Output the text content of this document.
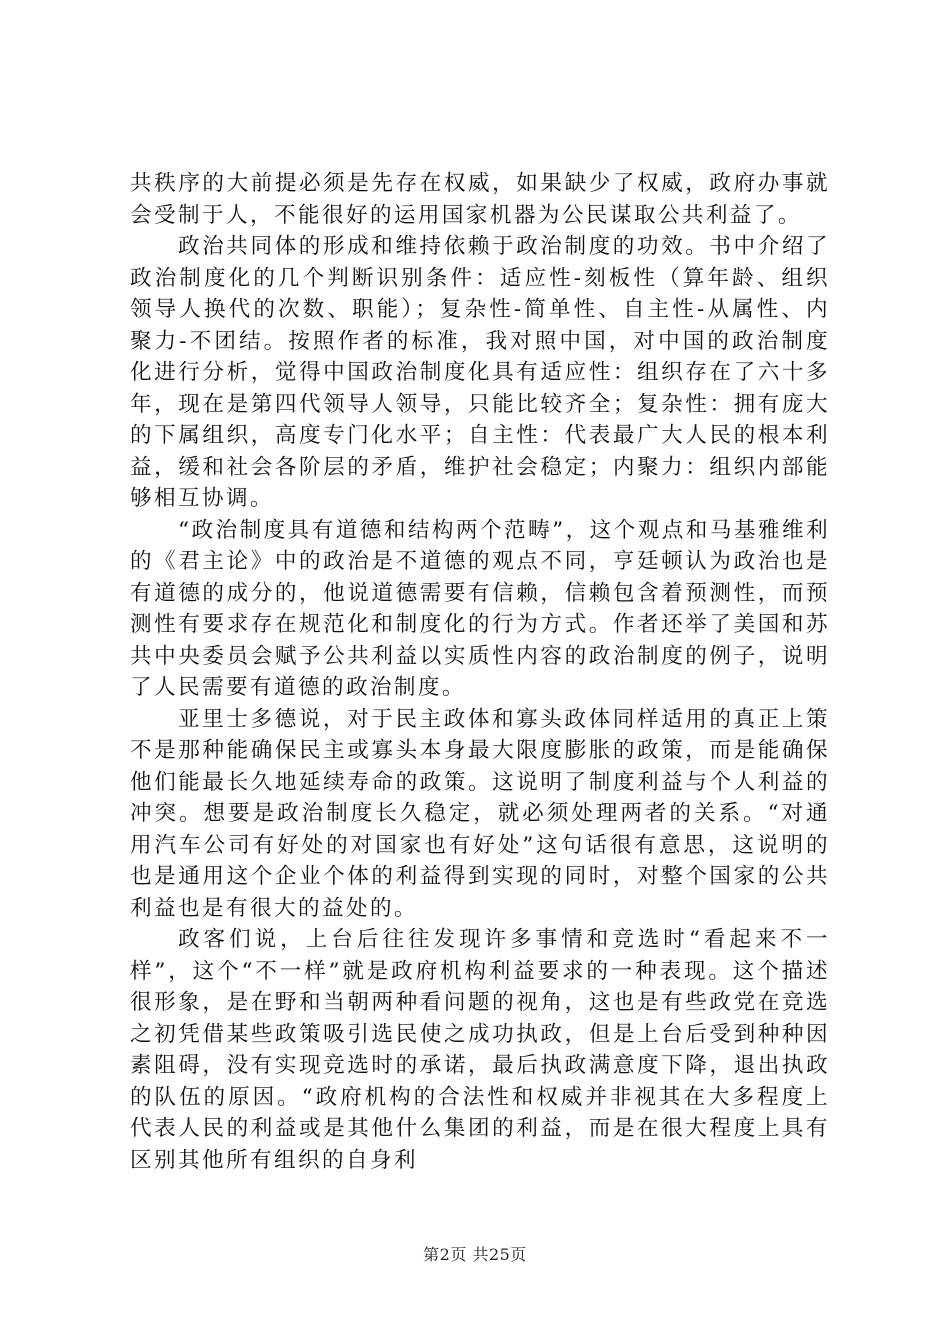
共秩序的大前提必须是先存在权威，如果缺少了权威，政府办事就会受制于人，不能很好的运用国家机器为公民谋取公共利益了。

政治共同体的形成和维持依赖于政治制度的功效。书中介绍了政治制度化的几个判断识别条件：适应性-刻板性（算年龄、组织领导人换代的次数、职能）；复杂性-简单性、自主性-从属性、内聚力-不团结。按照作者的标准，我对照中国，对中国的政治制度化进行分析，觉得中国政治制度化具有适应性：组织存在了六十多年，现在是第四代领导人领导，只能比较齐全；复杂性：拥有庞大的下属组织，高度专门化水平；自主性：代表最广大人民的根本利益，缓和社会各阶层的矛盾，维护社会稳定；内聚力：组织内部能够相互协调。

“政治制度具有道德和结构两个范畴”，这个观点和马基雅维利的《君主论》中的政治是不道德的观点不同，亨廷顿认为政治也是有道德的成分的，他说道德需要有信赖，信赖包含着预测性，而预测性有要求存在规范化和制度化的行为方式。作者还举了美国和苏共中央委员会赋予公共利益以实质性内容的政治制度的例子，说明了人民需要有道德的政治制度。

亚里士多德说，对于民主政体和寡头政体同样适用的真正上策不是那种能确保民主或寡头本身最大限度膨胀的政策，而是能确保他们能最长久地延续寿命的政策。这说明了制度利益与个人利益的冲突。想要是政治制度长久稳定，就必须处理两者的关系。“对通用汽车公司有好处的对国家也有好处”这句话很有意思，这说明的也是通用这个企业个体的利益得到实现的同时，对整个国家的公共利益也是有很大的益处的。

政客们说，上台后往往发现许多事情和竞选时“看起来不一样”，这个“不一样”就是政府机构利益要求的一种表现。这个描述很形象，是在野和当朝两种看问题的视角，这也是有些政党在竞选之初凭借某些政策吸引选民使之成功执政，但是上台后受到种种因素阻碍，没有实现竞选时的承诺，最后执政满意度下降，退出执政的队伍的原因。“政府机构的合法性和权威并非视其在大多程度上代表人民的利益或是其他什么集团的利益，而是在很大程度上具有区别其他所有组织的自身利

第2页 共25页
